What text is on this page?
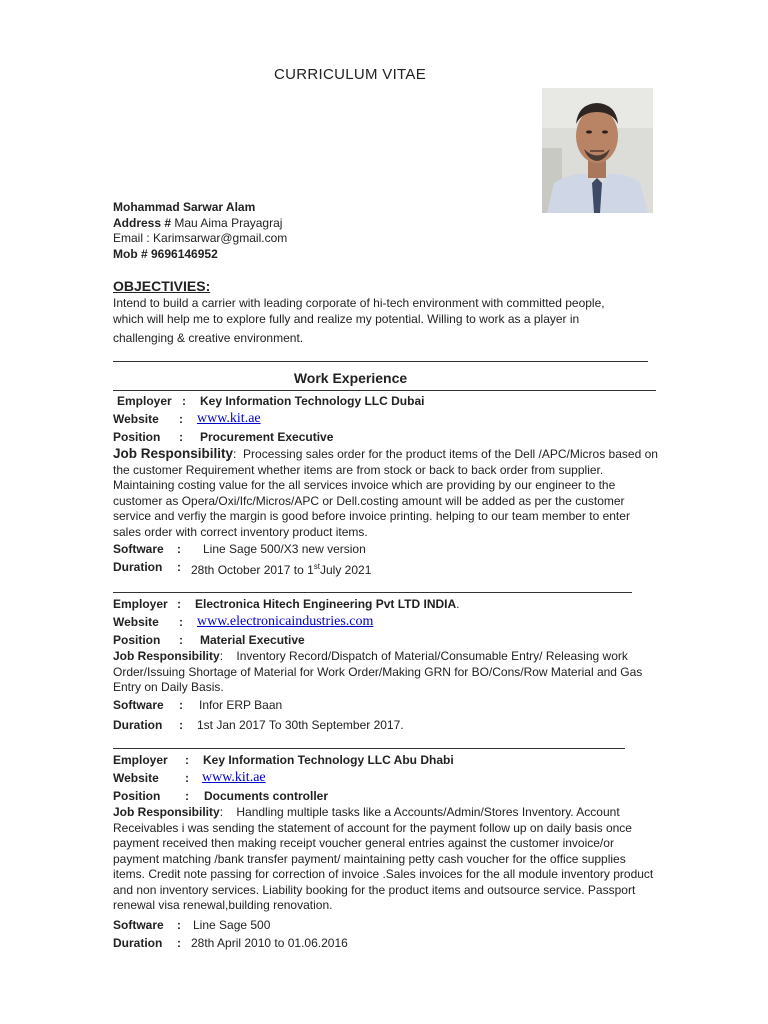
CURRICULUM VITAE
Mohammad Sarwar Alam
Address # Mau Aima Prayagraj
Email : Karimsarwar@gmail.com
Mob # 9696146952
OBJECTIVIES:
Intend to build a carrier with leading corporate of hi-tech environment with committed people,
which will help me to explore fully and realize my potential. Willing to work as a player in
challenging & creative environment.
Work Experience
Employer :	Key Information Technology LLC Dubai
Website	:	www.kit.ae
Position	:	Procurement Executive
Job Responsibility:  Processing sales order for the product items of the Dell /APC/Micros based on the customer Requirement whether items are from stock or back to back order from supplier. Maintaining costing value for the all services invoice which are providing by our engineer to the customer as Opera/Oxi/Ifc/Micros/APC or Dell.costing amount will be added as per the customer service and verfiy the margin is good before invoice printing. helping to our team member to enter sales order with correct inventory product items.
Software	:	Line Sage 500/X3 new version
Duration	: 28th October 2017 to 1stJuly 2021
Employer :	Electronica Hitech Engineering Pvt LTD INDIA.
Website	:	www.electronicaindustries.com
Position	:	Material Executive
Job Responsibility:    Inventory Record/Dispatch of Material/Consumable Entry/ Releasing work Order/Issuing Shortage of Material for Work Order/Making GRN for BO/Cons/Row Material and Gas Entry on Daily Basis.
Software	:	Infor ERP Baan
Duration	:	1st Jan 2017 To 30th September 2017.
Employer	:	Key Information Technology LLC Abu Dhabi
Website	: www.kit.ae
Position	:	Documents controller
Job Responsibility:    Handling multiple tasks like a Accounts/Admin/Stores Inventory. Account Receivables i was sending the statement of account for the payment follow up on daily basis once payment received then making receipt voucher general entries against the customer invoice/or payment matching /bank transfer payment/ maintaining petty cash voucher for the office supplies items. Credit note passing for correction of invoice .Sales invoices for the all module inventory product and non inventory services. Liability booking for the product items and outsource service. Passport renewal visa renewal,building renovation.
Software	:	Line Sage 500
Duration	: 28th April 2010 to 01.06.2016
